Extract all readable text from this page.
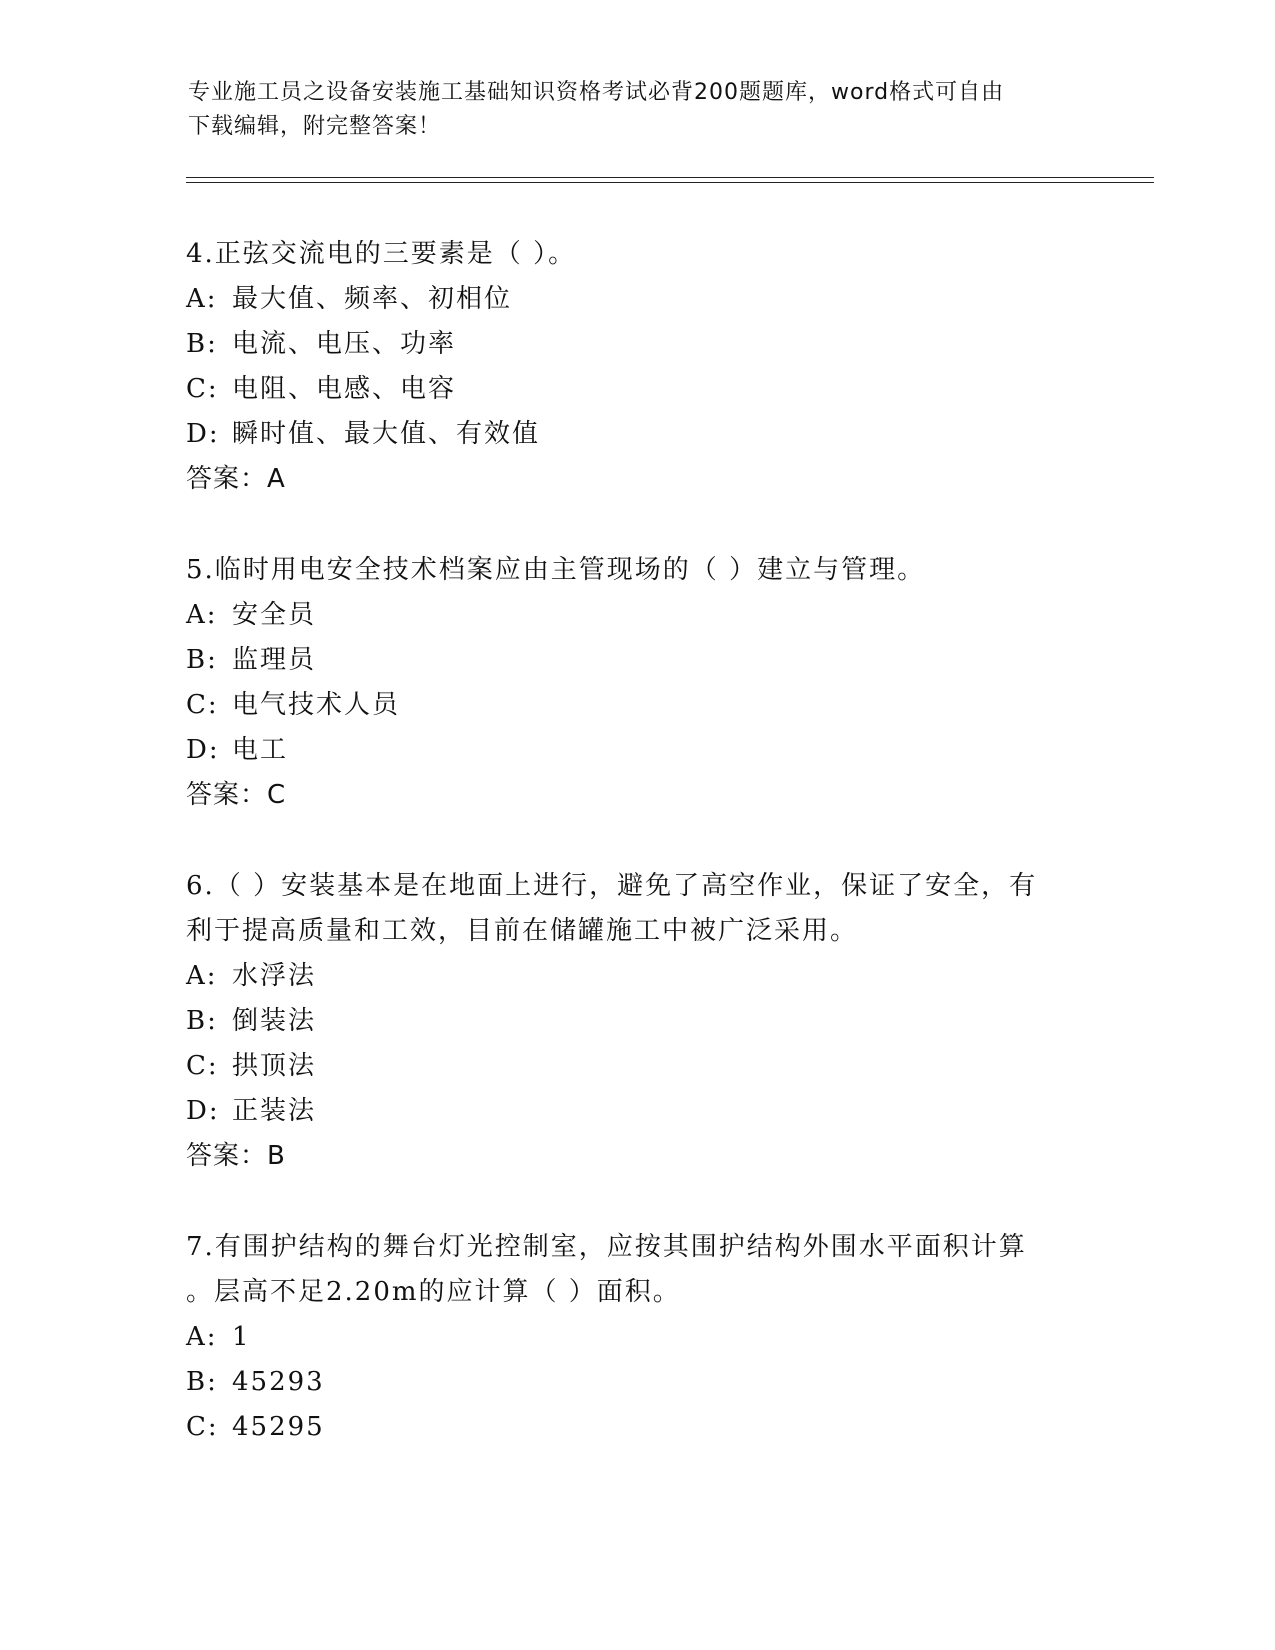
专业施工员之设备安装施工基础知识资格考试必背200题题库，word格式可自由
下载编辑，附完整答案！

4.正弦交流电的三要素是（ ）。

A: 最大值、频率、初相位

B: 电流、电压、功率

C: 电阻、电感、电容

D: 瞬时值、最大值、有效值

答案：A

5.临时用电安全技术档案应由主管现场的（ ）建立与管理。

A: 安全员

B: 监理员

C: 电气技术人员

D: 电工

答案：C

6.（ ）安装基本是在地面上进行，避免了高空作业，保证了安全，有

利于提高质量和工效，目前在储罐施工中被广泛采用。

A: 水浮法

B: 倒装法

C: 拱顶法

D: 正装法

答案：B

7.有围护结构的舞台灯光控制室，应按其围护结构外围水平面积计算

。层高不足2.20m的应计算（ ）面积。

A: 1

B: 45293

C: 45295
